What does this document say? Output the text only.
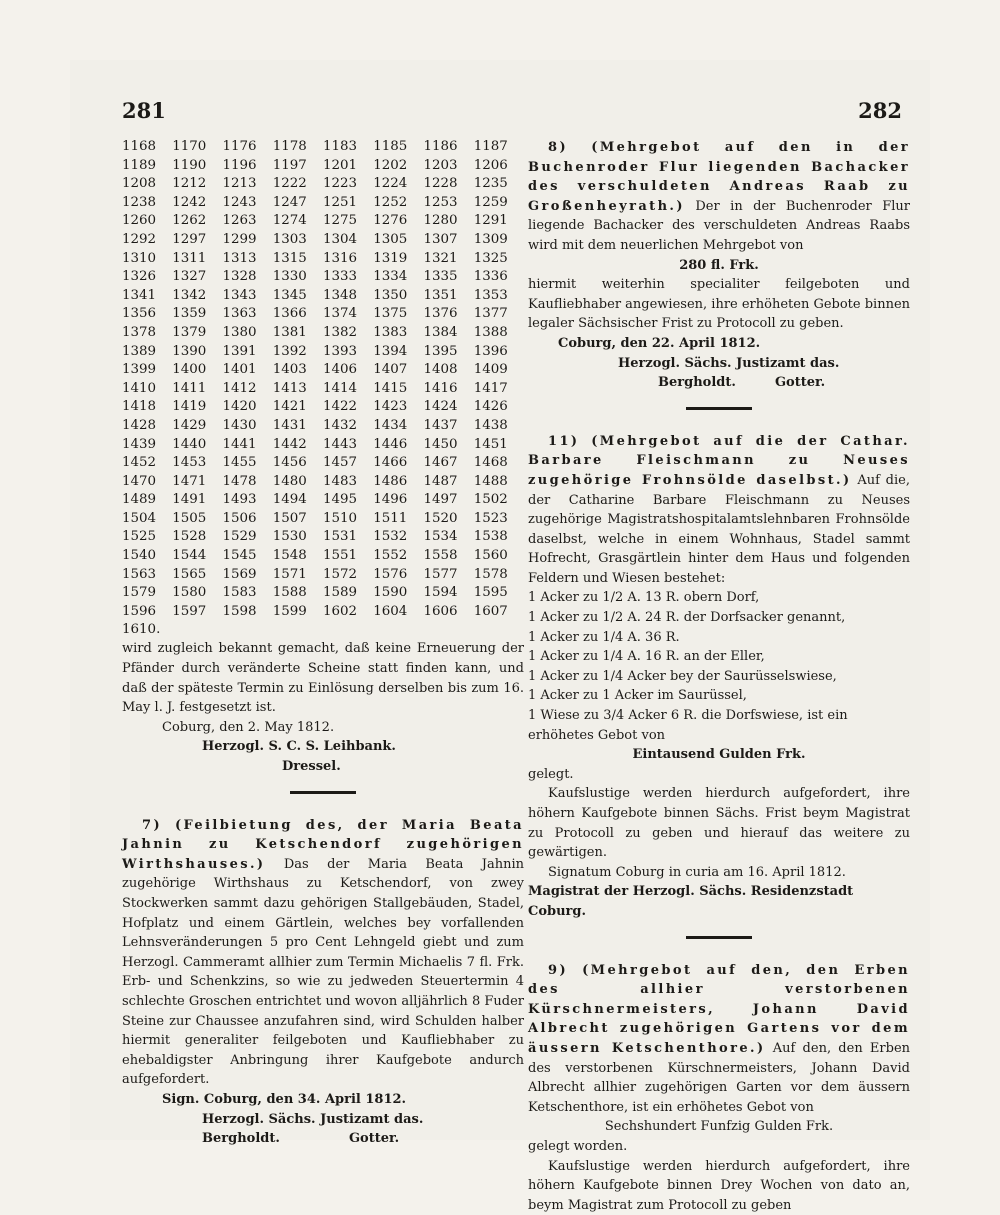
281	282
1168	1170	1176	1178	1183	1185	1186	1187
1189	1190	1196	1197	1201	1202	1203	1206
1208	1212	1213	1222	1223	1224	1228	1235
1238	1242	1243	1247	1251	1252	1253	1259
1260	1262	1263	1274	1275	1276	1280	1291
1292	1297	1299	1303	1304	1305	1307	1309
1310	1311	1313	1315	1316	1319	1321	1325
1326	1327	1328	1330	1333	1334	1335	1336
1341	1342	1343	1345	1348	1350	1351	1353
1356	1359	1363	1366	1374	1375	1376	1377
1378	1379	1380	1381	1382	1383	1384	1388
1389	1390	1391	1392	1393	1394	1395	1396
1399	1400	1401	1403	1406	1407	1408	1409
1410	1411	1412	1413	1414	1415	1416	1417
1418	1419	1420	1421	1422	1423	1424	1426
1428	1429	1430	1431	1432	1434	1437	1438
1439	1440	1441	1442	1443	1446	1450	1451
1452	1453	1455	1456	1457	1466	1467	1468
1470	1471	1478	1480	1483	1486	1487	1488
1489	1491	1493	1494	1495	1496	1497	1502
1504	1505	1506	1507	1510	1511	1520	1523
1525	1528	1529	1530	1531	1532	1534	1538
1540	1544	1545	1548	1551	1552	1558	1560
1563	1565	1569	1571	1572	1576	1577	1578
1579	1580	1583	1588	1589	1590	1594	1595
1596	1597	1598	1599	1602	1604	1606	1607
1610.

wird zugleich bekannt gemacht, daß keine Erneuerung der Pfänder durch veränderte Scheine statt finden kann, und daß der späteste Termin zu Einlösung derselben bis zum 16. May l. J. festgesetzt ist.

Coburg, den 2. May 1812.

Herzogl. S. C. S. Leihbank.

Dressel.

7) (Feilbietung des, der Maria Beata Jahnin zu Ketschendorf zugehörigen Wirthshauses.) Das der Maria Beata Jahnin zugehörige Wirthshaus zu Ketschendorf, von zwey Stockwerken sammt dazu gehörigen Stallgebäuden, Stadel, Hofplatz und einem Gärtlein, welches bey vorfallenden Lehnsveränderungen 5 pro Cent Lehngeld giebt und zum Herzogl. Cammeramt allhier zum Termin Michaelis 7 fl. Frk. Erb- und Schenkzins, so wie zu jedweden Steuertermin 4 schlechte Groschen entrichtet und wovon alljährlich 8 Fuder Steine zur Chaussee anzufahren sind, wird Schulden halber hiermit generaliter feilgeboten und Kaufliebhaber zu ehebaldigster Anbringung ihrer Kaufgebote andurch aufgefordert.

Sign. Coburg, den 34. April 1812.

Herzogl. Sächs. Justizamt das.

Bergholdt.	Gotter.

8) (Mehrgebot auf den in der Buchenroder Flur liegenden Bachacker des verschuldeten Andreas Raab zu Großenheyrath.) Der in der Buchenroder Flur liegende Bachacker des verschuldeten Andreas Raabs wird mit dem neuerlichen Mehrgebot von

280 fl. Frk.

hiermit weiterhin specialiter feilgeboten und Kaufliebhaber angewiesen, ihre erhöheten Gebote binnen legaler Sächsischer Frist zu Protocoll zu geben.

Coburg, den 22. April 1812.

Herzogl. Sächs. Justizamt das.

Bergholdt.	Gotter.

11) (Mehrgebot auf die der Cathar. Barbare Fleischmann zu Neuses zugehörige Frohnsölde daselbst.) Auf die, der Catharine Barbare Fleischmann zu Neuses zugehörige Magistratshospitalamtslehnbaren Frohnsölde daselbst, welche in einem Wohnhaus, Stadel sammt Hofrecht, Grasgärtlein hinter dem Haus und folgenden Feldern und Wiesen bestehet:

1 Acker zu 1/2 A. 13 R. obern Dorf,
1 Acker zu 1/2 A. 24 R. der Dorfsacker genannt,
1 Acker zu 1/4 A. 36 R.
1 Acker zu 1/4 A. 16 R. an der Eller,
1 Acker zu 1/4 Acker bey der Saurüsselswiese,
1 Acker zu 1 Acker im Saurüssel,
1 Wiese zu 3/4 Acker 6 R. die Dorfswiese, ist ein erhöhetes Gebot von

Eintausend Gulden Frk.

gelegt.

Kaufslustige werden hierdurch aufgefordert, ihre höhern Kaufgebote binnen Sächs. Frist beym Magistrat zu Protocoll zu geben und hierauf das weitere zu gewärtigen.

Signatum Coburg in curia am 16. April 1812.

Magistrat der Herzogl. Sächs. Residenzstadt Coburg.

9) (Mehrgebot auf den, den Erben des allhier verstorbenen Kürschnermeisters, Johann David Albrecht zugehörigen Gartens vor dem äussern Ketschenthore.) Auf den, den Erben des verstorbenen Kürschnermeisters, Johann David Albrecht allhier zugehörigen Garten vor dem äussern Ketschenthore, ist ein erhöhetes Gebot von

Sechshundert Funfzig Gulden Frk.

gelegt worden.

Kaufslustige werden hierdurch aufgefordert, ihre höhern Kaufgebote binnen Drey Wochen von dato an, beym Magistrat zum Protocoll zu geben
